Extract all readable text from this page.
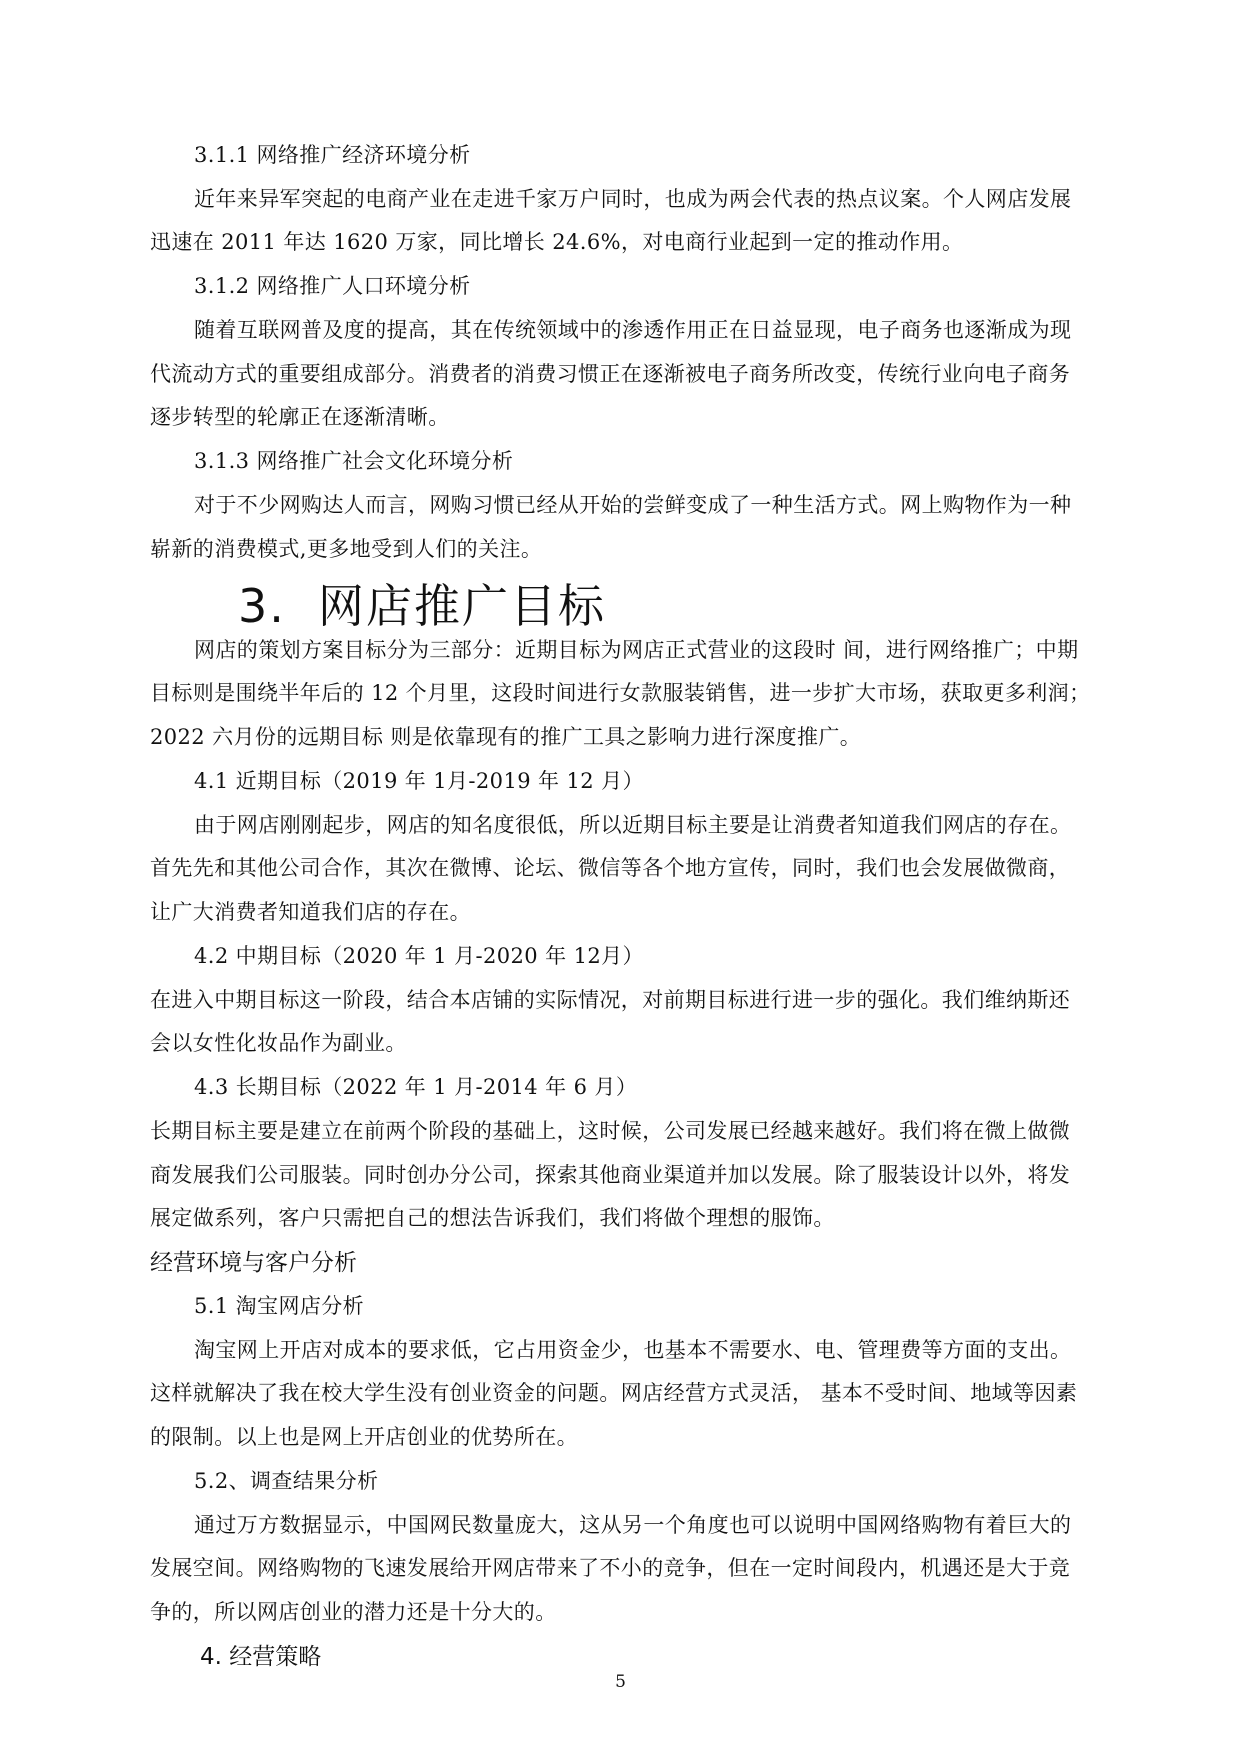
3.1.1 网络推广经济环境分析
近年来异军突起的电商产业在走进千家万户同时，也成为两会代表的热点议案。个人网店发展
迅速在 2011 年达 1620 万家，同比增长 24.6%，对电商行业起到一定的推动作用。
3.1.2 网络推广人口环境分析
随着互联网普及度的提高，其在传统领域中的渗透作用正在日益显现，电子商务也逐渐成为现
代流动方式的重要组成部分。消费者的消费习惯正在逐渐被电子商务所改变，传统行业向电子商务
逐步转型的轮廓正在逐渐清晰。
3.1.3 网络推广社会文化环境分析
对于不少网购达人而言，网购习惯已经从开始的尝鲜变成了一种生活方式。网上购物作为一种
崭新的消费模式,更多地受到人们的关注。
3. 网店推广目标
网店的策划方案目标分为三部分：近期目标为网店正式营业的这段时 间，进行网络推广；中期
目标则是围绕半年后的 12 个月里，这段时间进行女款服装销售，进一步扩大市场，获取更多利润；
2022 六月份的远期目标 则是依靠现有的推广工具之影响力进行深度推广。
4.1 近期目标（2019 年 1月-2019 年 12 月）
由于网店刚刚起步，网店的知名度很低，所以近期目标主要是让消费者知道我们网店的存在。
首先先和其他公司合作，其次在微博、论坛、微信等各个地方宣传，同时，我们也会发展做微商，
让广大消费者知道我们店的存在。
4.2 中期目标（2020 年 1 月-2020 年 12月）
在进入中期目标这一阶段，结合本店铺的实际情况，对前期目标进行进一步的强化。我们维纳斯还
会以女性化妆品作为副业。
4.3 长期目标（2022 年 1 月-2014 年 6 月）
长期目标主要是建立在前两个阶段的基础上，这时候，公司发展已经越来越好。我们将在微上做微
商发展我们公司服装。同时创办分公司，探索其他商业渠道并加以发展。除了服装设计以外，将发
展定做系列，客户只需把自己的想法告诉我们，我们将做个理想的服饰。
经营环境与客户分析
5.1 淘宝网店分析
淘宝网上开店对成本的要求低，它占用资金少，也基本不需要水、电、管理费等方面的支出。
这样就解决了我在校大学生没有创业资金的问题。网店经营方式灵活， 基本不受时间、地域等因素
的限制。以上也是网上开店创业的优势所在。
5.2、调查结果分析
通过万方数据显示，中国网民数量庞大，这从另一个角度也可以说明中国网络购物有着巨大的
发展空间。网络购物的飞速发展给开网店带来了不小的竞争，但在一定时间段内，机遇还是大于竞
争的，所以网店创业的潜力还是十分大的。
4. 经营策略
5
